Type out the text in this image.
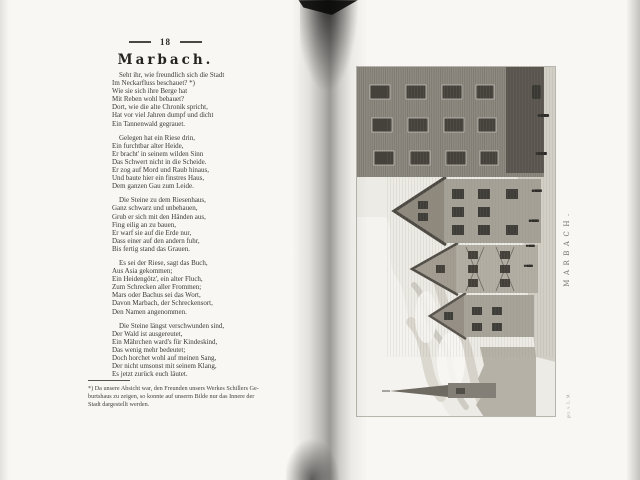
18
Marbach.
Seht ihr, wie freundlich sich die Stadt
Im Neckarfluss beschauet? *)
Wie sie sich ihre Berge hat
Mit Reben wohl bebauet?
Dort, wie die alte Chronik spricht,
Hat vor viel Jahren dumpf und dicht
Ein Tannenwald gegrauet.
Gelegen hat ein Riese drin,
Ein furchtbar alter Heide,
Er bracht' in seinem wilden Sinn
Das Schwert nicht in die Scheide.
Er zog auf Mord und Raub hinaus,
Und baute hier ein finstres Haus,
Dem ganzen Gau zum Leide.
Die Steine zu dem Riesenhaus,
Ganz schwarz und unbehauen,
Grub er sich mit den Händen aus,
Fing eilig an zu bauen,
Er warf sie auf die Erde nur,
Dass einer auf den andern fuhr,
Bis fertig stand das Grauen.
Es sei der Riese, sagt das Buch,
Aus Asia gekommen;
Ein Heidengötz', ein alter Fluch,
Zum Schrecken aller Frommen;
Mars oder Bachus sei das Wort,
Davon Marbach, der Schreckensort,
Den Namen angenommen.
Die Steine längst verschwunden sind,
Der Wald ist ausgereutet,
Ein Mährchen ward's für Kindeskind,
Das wenig mehr bedeutet;
Doch horchet wohl auf meinen Sang,
Der nicht umsonst mit seinem Klang,
Es jetzt zurück euch läutet.
*) Da unsere Absicht war, den Freunden unsers Werkes Schillers Ge-
burtshaus zu zeigen, so konnte auf unserm Bilde nur das Innere der
Stadt dargestellt werden.
MARBACH.
gez. v. L. M.
